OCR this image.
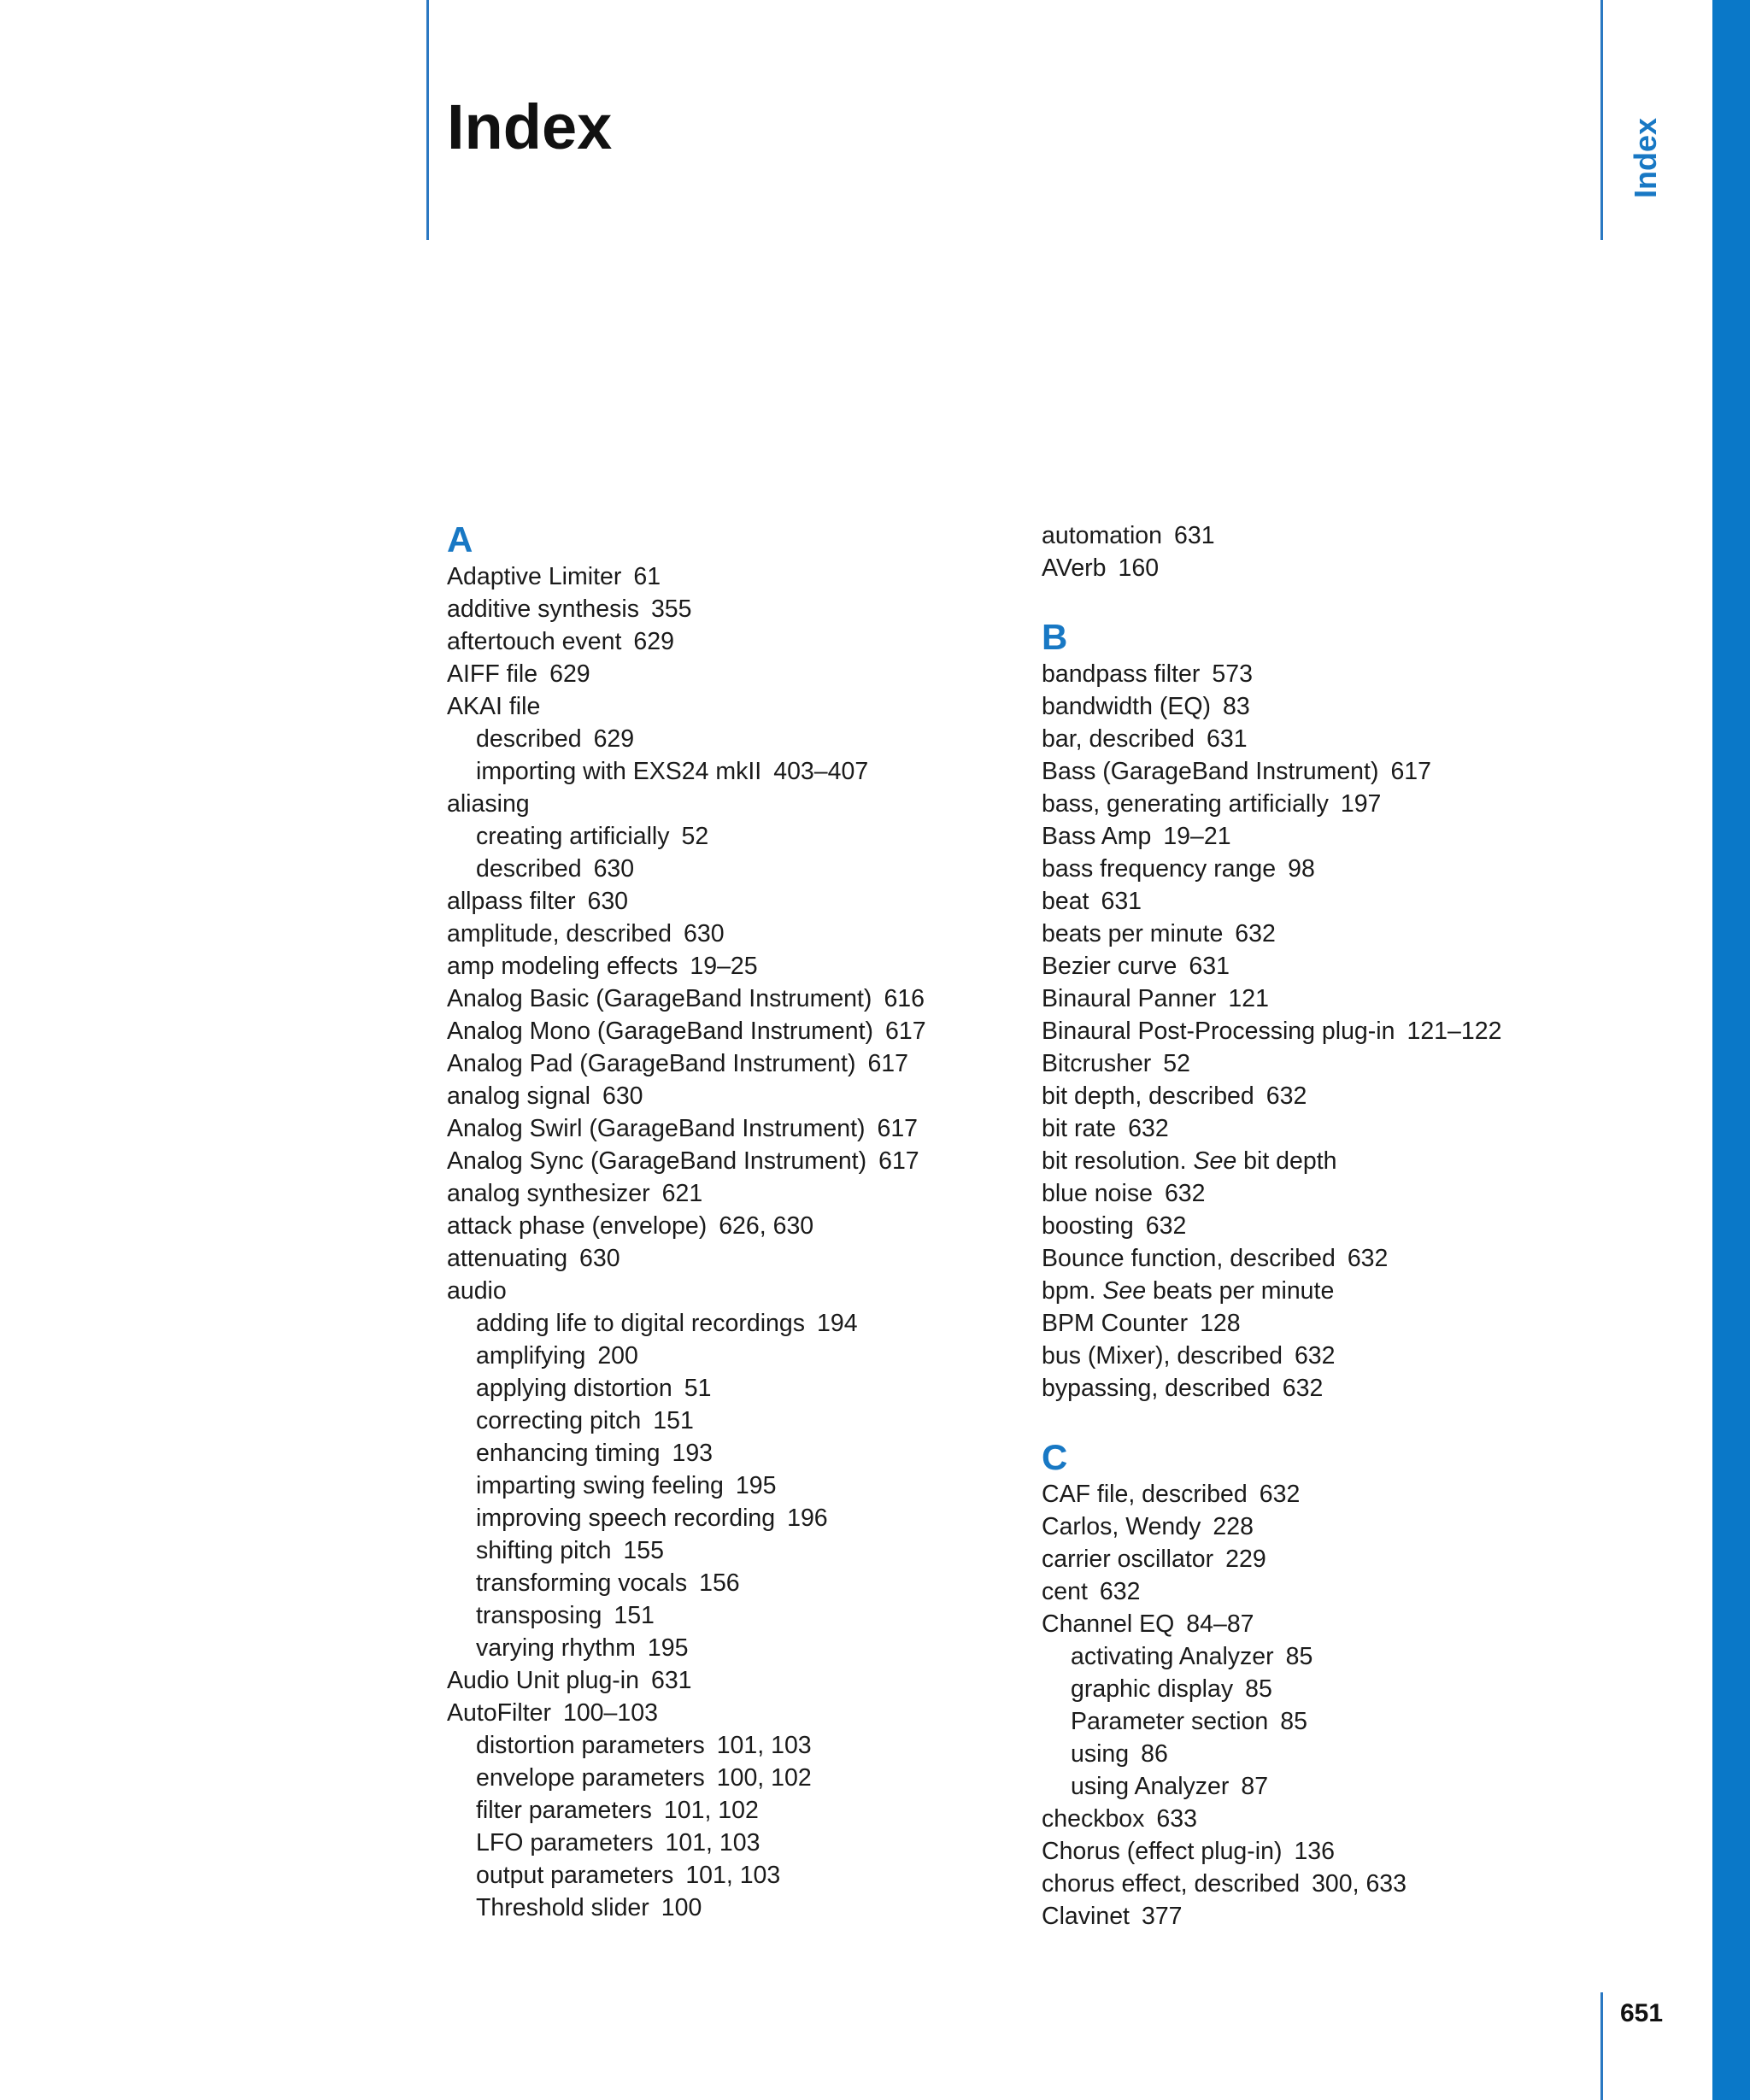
Index	Index
651
A
Adaptive Limiter 61
additive synthesis 355
aftertouch event 629
AIFF file 629
AKAI file
described 629
importing with EXS24 mkII 403–407
aliasing
creating artificially 52
described 630
allpass filter 630
amplitude, described 630
amp modeling effects 19–25
Analog Basic (GarageBand Instrument) 616
Analog Mono (GarageBand Instrument) 617
Analog Pad (GarageBand Instrument) 617
analog signal 630
Analog Swirl (GarageBand Instrument) 617
Analog Sync (GarageBand Instrument) 617
analog synthesizer 621
attack phase (envelope) 626, 630
attenuating 630
audio
adding life to digital recordings 194
amplifying 200
applying distortion 51
correcting pitch 151
enhancing timing 193
imparting swing feeling 195
improving speech recording 196
shifting pitch 155
transforming vocals 156
transposing 151
varying rhythm 195
Audio Unit plug-in 631
AutoFilter 100–103
distortion parameters 101, 103
envelope parameters 100, 102
filter parameters 101, 102
LFO parameters 101, 103
output parameters 101, 103
Threshold slider 100
automation 631
AVerb 160
B
bandpass filter 573
bandwidth (EQ) 83
bar, described 631
Bass (GarageBand Instrument) 617
bass, generating artificially 197
Bass Amp 19–21
bass frequency range 98
beat 631
beats per minute 632
Bezier curve 631
Binaural Panner 121
Binaural Post-Processing plug-in 121–122
Bitcrusher 52
bit depth, described 632
bit rate 632
bit resolution. See bit depth
blue noise 632
boosting 632
Bounce function, described 632
bpm. See beats per minute
BPM Counter 128
bus (Mixer), described 632
bypassing, described 632
C
CAF file, described 632
Carlos, Wendy 228
carrier oscillator 229
cent 632
Channel EQ 84–87
activating Analyzer 85
graphic display 85
Parameter section 85
using 86
using Analyzer 87
checkbox 633
Chorus (effect plug-in) 136
chorus effect, described 300, 633
Clavinet 377
